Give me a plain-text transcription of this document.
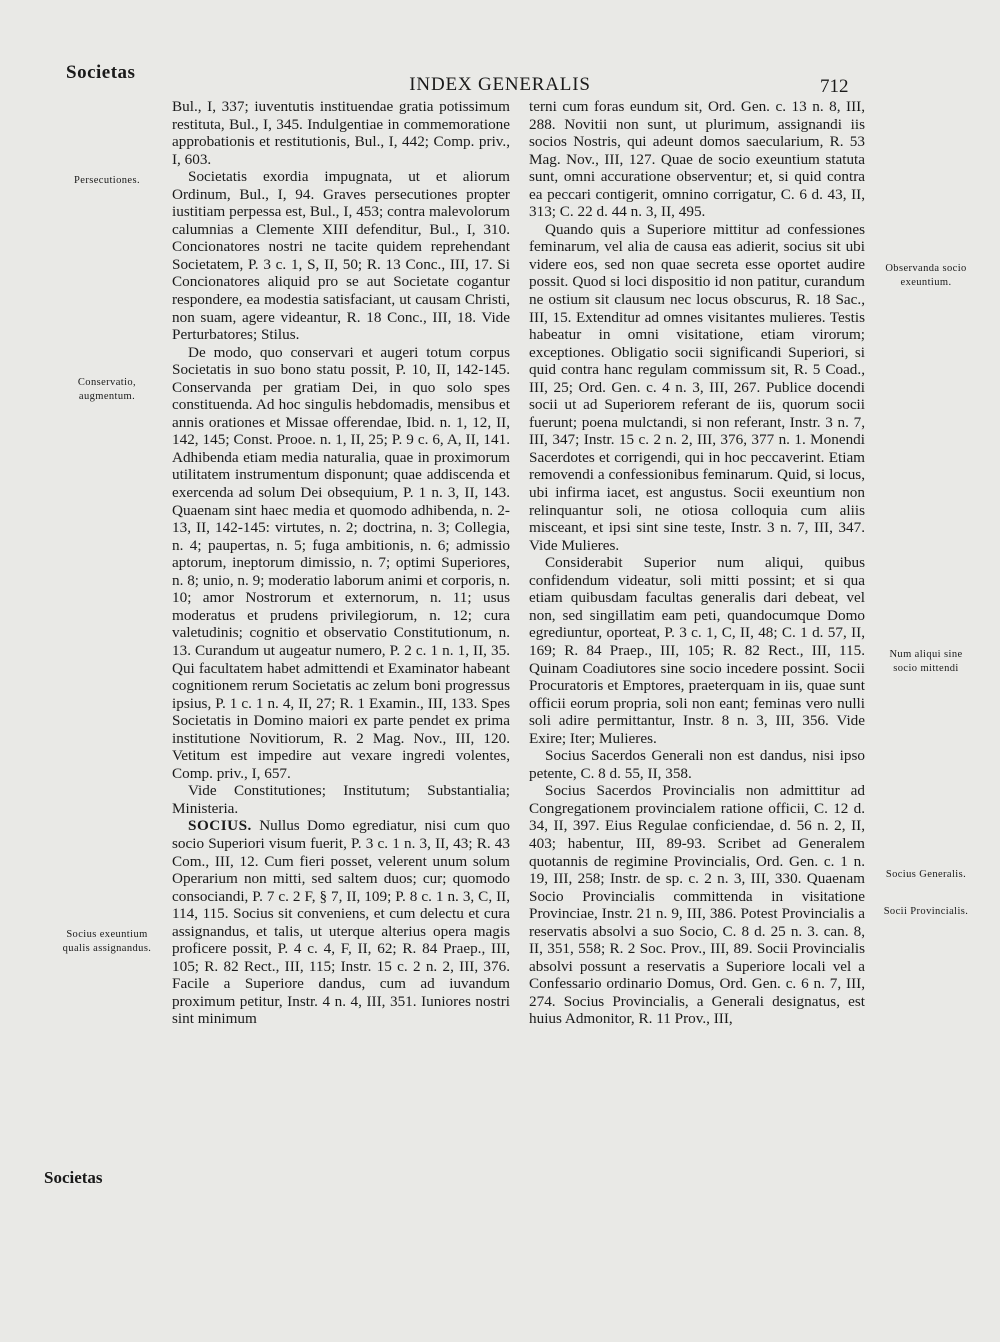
Societas
INDEX GENERALIS	712
Persecutiones.
Conservatio, augmentum.
Socius exeuntium qualis assignandus.
Observanda socio exeuntium.
Num aliqui sine socio mittendi
Socius Generalis.
Socii Provincialis.

Bul., I, 337; iuventutis instituendae gratia potissimum restituta, Bul., I, 345. Indulgentiae in commemoratione approbationis et restitutionis, Bul., I, 442; Comp. priv., I, 603.

Societatis exordia impugnata, ut et aliorum Ordinum, Bul., I, 94. Graves persecutiones propter iustitiam perpessa est, Bul., I, 453; contra malevolorum calumnias a Clemente XIII defenditur, Bul., I, 310. Concionatores nostri ne tacite quidem reprehendant Societatem, P. 3 c. 1, S, II, 50; R. 13 Conc., III, 17. Si Concionatores aliquid pro se aut Societate cogantur respondere, ea modestia satisfaciant, ut causam Christi, non suam, agere videantur, R. 18 Conc., III, 18. Vide Perturbatores; Stilus.

De modo, quo conservari et augeri totum corpus Societatis in suo bono statu possit, P. 10, II, 142-145. Conservanda per gratiam Dei, in quo solo spes constituenda. Ad hoc singulis hebdomadis, mensibus et annis orationes et Missae offerendae, Ibid. n. 1, 12, II, 142, 145; Const. Prooe. n. 1, II, 25; P. 9 c. 6, A, II, 141. Adhibenda etiam media naturalia, quae in proximorum utilitatem instrumentum disponunt; quae addiscenda et exercenda ad solum Dei obsequium, P. 1 n. 3, II, 143. Quaenam sint haec media et quomodo adhibenda, n. 2-13, II, 142-145: virtutes, n. 2; doctrina, n. 3; Collegia, n. 4; paupertas, n. 5; fuga ambitionis, n. 6; admissio aptorum, ineptorum dimissio, n. 7; optimi Superiores, n. 8; unio, n. 9; moderatio laborum animi et corporis, n. 10; amor Nostrorum et externorum, n. 11; usus moderatus et prudens privilegiorum, n. 12; cura valetudinis; cognitio et observatio Constitutionum, n. 13. Curandum ut augeatur numero, P. 2 c. 1 n. 1, II, 35. Qui facultatem habet admittendi et Examinator habeant cognitionem rerum Societatis ac zelum boni progressus ipsius, P. 1 c. 1 n. 4, II, 27; R. 1 Examin., III, 133. Spes Societatis in Domino maiori ex parte pendet ex prima institutione Novitiorum, R. 2 Mag. Nov., III, 120. Vetitum est impedire aut vexare ingredi volentes, Comp. priv., I, 657.

Vide Constitutiones; Institutum; Substantialia; Ministeria.

SOCIUS. Nullus Domo egrediatur, nisi cum quo socio Superiori visum fuerit, P. 3 c. 1 n. 3, II, 43; R. 43 Com., III, 12. Cum fieri posset, velerent unum solum Operarium non mitti, sed saltem duos; cur; quomodo consociandi, P. 7 c. 2 F, § 7, II, 109; P. 8 c. 1 n. 3, C, II, 114, 115. Socius sit conveniens, et cum delectu et cura assignandus, et talis, ut uterque alterius opera magis proficere possit, P. 4 c. 4, F, II, 62; R. 84 Praep., III, 105; R. 82 Rect., III, 115; Instr. 15 c. 2 n. 2, III, 376. Facile a Superiore dandus, cum ad iuvandum proximum petitur, Instr. 4 n. 4, III, 351. Iuniores nostri sint minimum

terni cum foras eundum sit, Ord. Gen. c. 13 n. 8, III, 288. Novitii non sunt, ut plurimum, assignandi iis socios Nostris, qui adeunt domos saecularium, R. 53 Mag. Nov., III, 127. Quae de socio exeuntium statuta sunt, omni accuratione observentur; et, si quid contra ea peccari contigerit, omnino corrigatur, C. 6 d. 43, II, 313; C. 22 d. 44 n. 3, II, 495.

Quando quis a Superiore mittitur ad confessiones feminarum, vel alia de causa eas adierit, socius sit ubi videre eos, sed non quae secreta esse oportet audire possit. Quod si loci dispositio id non patitur, curandum ne ostium sit clausum nec locus obscurus, R. 18 Sac., III, 15. Extenditur ad omnes visitantes mulieres. Testis habeatur in omni visitatione, etiam virorum; exceptiones. Obligatio socii significandi Superiori, si quid contra hanc regulam commissum sit, R. 5 Coad., III, 25; Ord. Gen. c. 4 n. 3, III, 267. Publice docendi socii ut ad Superiorem referant de iis, quorum socii fuerunt; poena mulctandi, si non referant, Instr. 3 n. 7, III, 347; Instr. 15 c. 2 n. 2, III, 376, 377 n. 1. Monendi Sacerdotes et corrigendi, qui in hoc peccaverint. Etiam removendi a confessionibus feminarum. Quid, si locus, ubi infirma iacet, est angustus. Socii exeuntium non relinquantur soli, ne otiosa colloquia cum aliis misceant, et ipsi sint sine teste, Instr. 3 n. 7, III, 347. Vide Mulieres.

Considerabit Superior num aliqui, quibus confidendum videatur, soli mitti possint; et si qua etiam quibusdam facultas generalis dari debeat, vel non, sed singillatim eam peti, quandocumque Domo egrediuntur, oporteat, P. 3 c. 1, C, II, 48; C. 1 d. 57, II, 169; R. 84 Praep., III, 105; R. 82 Rect., III, 115. Quinam Coadiutores sine socio incedere possint. Socii Procuratoris et Emptores, praeterquam in iis, quae sunt officii eorum propria, soli non eant; feminas vero nulli soli adire permittantur, Instr. 8 n. 3, III, 356. Vide Exire; Iter; Mulieres.

Socius Sacerdos Generali non est dandus, nisi ipso petente, C. 8 d. 55, II, 358.

Socius Sacerdos Provincialis non admittitur ad Congregationem provincialem ratione officii, C. 12 d. 34, II, 397. Eius Regulae conficiendae, d. 56 n. 2, II, 403; habentur, III, 89-93. Scribet ad Generalem quotannis de regimine Provincialis, Ord. Gen. c. 1 n. 19, III, 258; Instr. de sp. c. 2 n. 3, III, 330. Quaenam Socio Provincialis committenda in visitatione Provinciae, Instr. 21 n. 9, III, 386. Potest Provincialis a reservatis absolvi a suo Socio, C. 8 d. 25 n. 3. can. 8, II, 351, 558; R. 2 Soc. Prov., III, 89. Socii Provincialis absolvi possunt a reservatis a Superiore locali vel a Confessario ordinario Domus, Ord. Gen. c. 6 n. 7, III, 274. Socius Provincialis, a Generali designatus, est huius Admonitor, R. 11 Prov., III,

Societas
